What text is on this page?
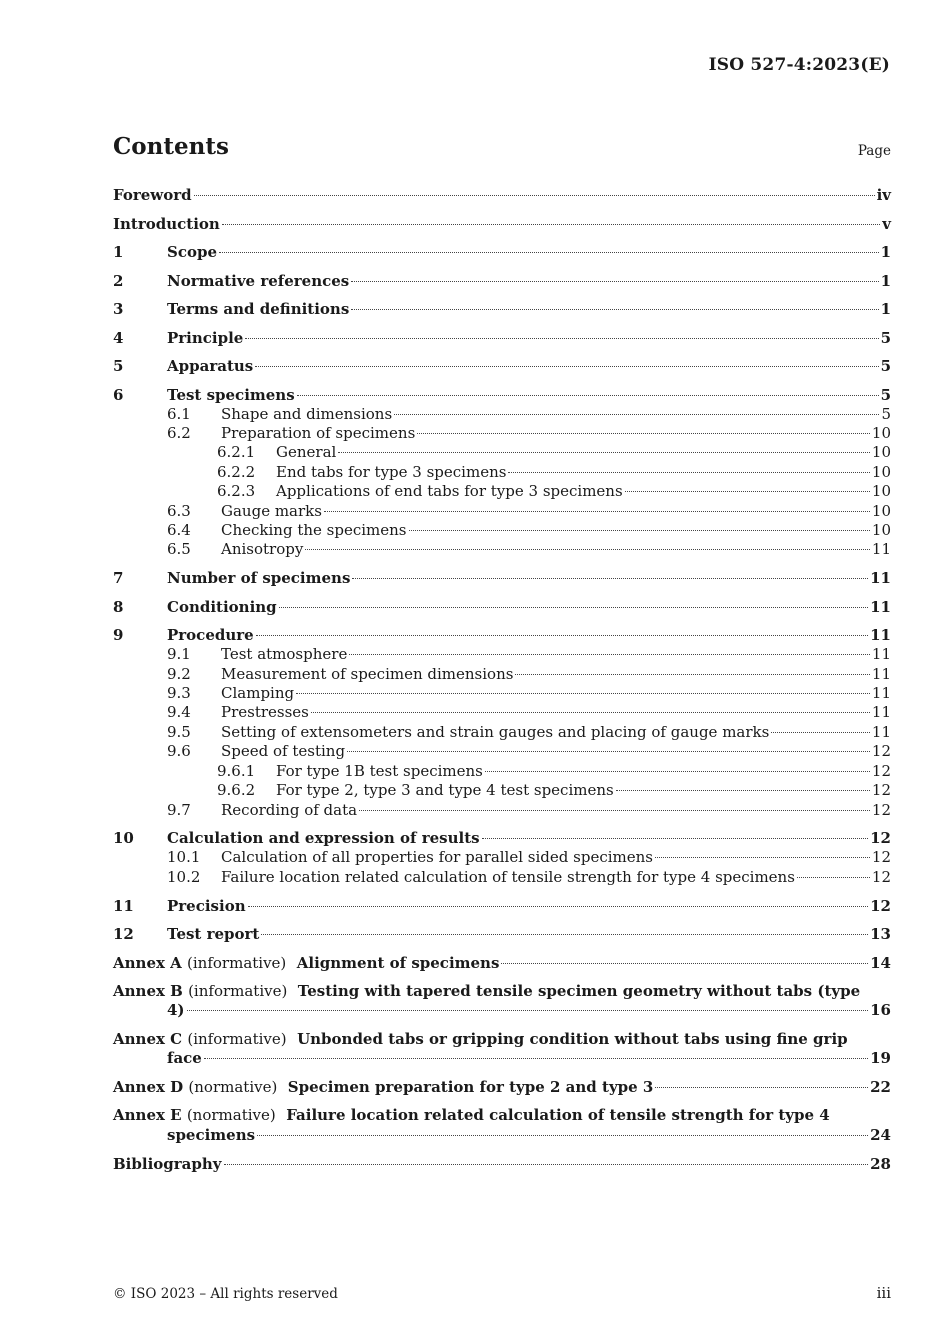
ISO 527-4:2023(E)
Contents	Page
Foreword	iv
Introduction	v
1	Scope	1
2	Normative references	1
3	Terms and definitions	1
4	Principle	5
5	Apparatus	5
6	Test specimens	5
6.1	Shape and dimensions	5
6.2	Preparation of specimens	10
6.2.1	General	10
6.2.2	End tabs for type 3 specimens	10
6.2.3	Applications of end tabs for type 3 specimens	10
6.3	Gauge marks	10
6.4	Checking the specimens	10
6.5	Anisotropy	11
7	Number of specimens	11
8	Conditioning	11
9	Procedure	11
9.1	Test atmosphere	11
9.2	Measurement of specimen dimensions	11
9.3	Clamping	11
9.4	Prestresses	11
9.5	Setting of extensometers and strain gauges and placing of gauge marks	11
9.6	Speed of testing	12
9.6.1	For type 1B test specimens	12
9.6.2	For type 2, type 3 and type 4 test specimens	12
9.7	Recording of data	12
10	Calculation and expression of results	12
10.1	Calculation of all properties for parallel sided specimens	12
10.2	Failure location related calculation of tensile strength for type 4 specimens	12
11	Precision	12
12	Test report	13
Annex A (informative) Alignment of specimens	14
Annex B (informative) Testing with tapered tensile specimen geometry without tabs (type
4)	16
Annex C (informative) Unbonded tabs or gripping condition without tabs using fine grip
face	19
Annex D (normative) Specimen preparation for type 2 and type 3	22
Annex E (normative) Failure location related calculation of tensile strength for type 4
specimens	24
Bibliography	28
© ISO 2023 – All rights reserved	iii
